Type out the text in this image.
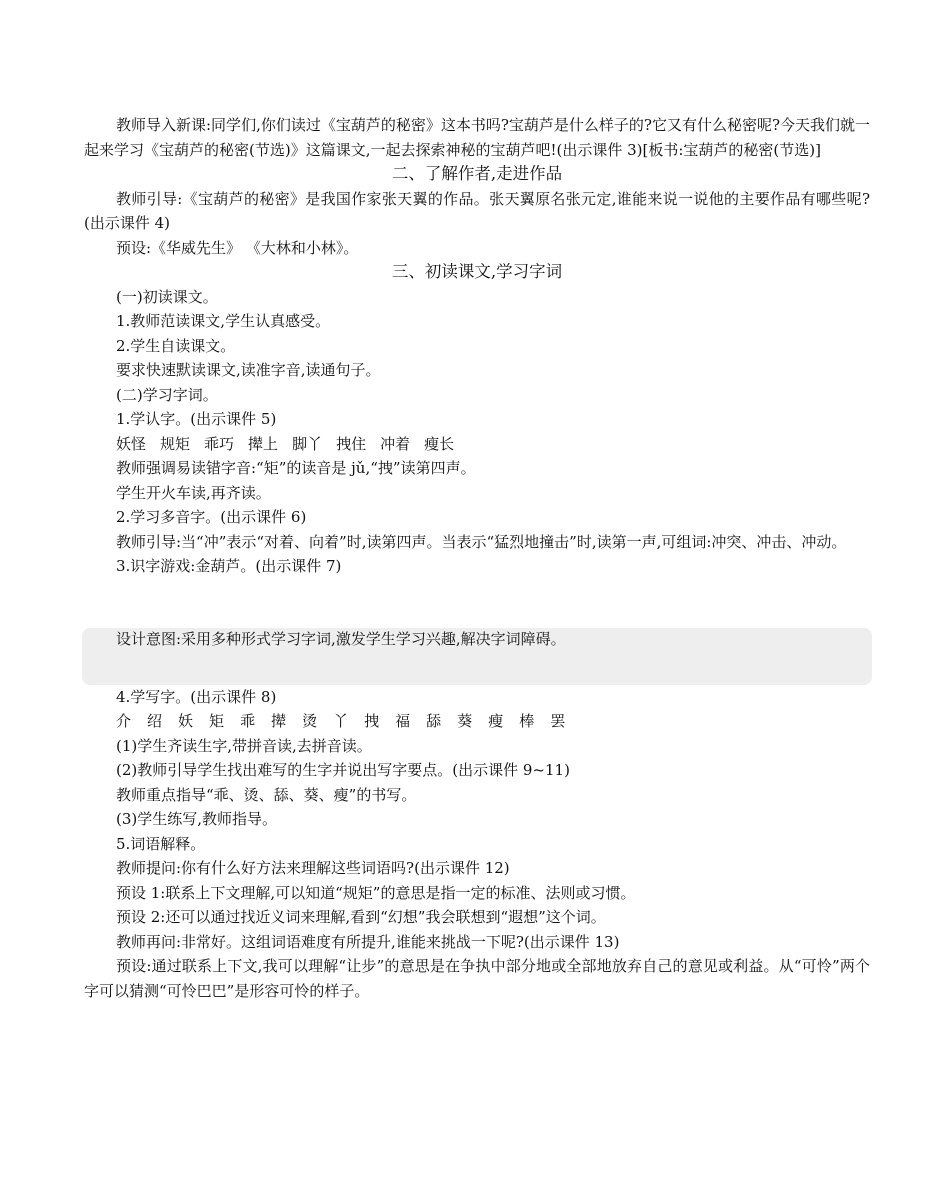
教师导入新课:同学们,你们读过《宝葫芦的秘密》这本书吗?宝葫芦是什么样子的?它又有什么秘密呢?今天我们就一起来学习《宝葫芦的秘密(节选)》这篇课文,一起去探索神秘的宝葫芦吧!(出示课件 3)[板书:宝葫芦的秘密(节选)]

二、了解作者,走进作品

教师引导:《宝葫芦的秘密》是我国作家张天翼的作品。张天翼原名张元定,谁能来说一说他的主要作品有哪些呢?(出示课件 4)

预设:《华威先生》 《大林和小林》。

三、初读课文,学习字词

(一)初读课文。

1.教师范读课文,学生认真感受。

2.学生自读课文。

要求快速默读课文,读准字音,读通句子。

(二)学习字词。

1.学认字。(出示课件 5)

妖怪 规矩 乖巧 撵上 脚丫 拽住 冲着 瘦长

教师强调易读错字音:“矩”的读音是 jǔ,“拽”读第四声。

学生开火车读,再齐读。

2.学习多音字。(出示课件 6)

教师引导:当“冲”表示“对着、向着”时,读第四声。当表示“猛烈地撞击”时,读第一声,可组词:冲突、冲击、冲动。

3.识字游戏:金葫芦。(出示课件 7)

设计意图:采用多种形式学习字词,激发学生学习兴趣,解决字词障碍。

4.学写字。(出示课件 8)

介 绍 妖 矩 乖 撵 烫 丫 拽 福 舔 葵 瘦 棒 罢

(1)学生齐读生字,带拼音读,去拼音读。

(2)教师引导学生找出难写的生字并说出写字要点。(出示课件 9~11)

教师重点指导“乖、烫、舔、葵、瘦”的书写。

(3)学生练写,教师指导。

5.词语解释。

教师提问:你有什么好方法来理解这些词语吗?(出示课件 12)

预设 1:联系上下文理解,可以知道“规矩”的意思是指一定的标准、法则或习惯。

预设 2:还可以通过找近义词来理解,看到“幻想”我会联想到“遐想”这个词。

教师再问:非常好。这组词语难度有所提升,谁能来挑战一下呢?(出示课件 13)

预设:通过联系上下文,我可以理解“让步”的意思是在争执中部分地或全部地放弃自己的意见或利益。从“可怜”两个字可以猜测“可怜巴巴”是形容可怜的样子。
